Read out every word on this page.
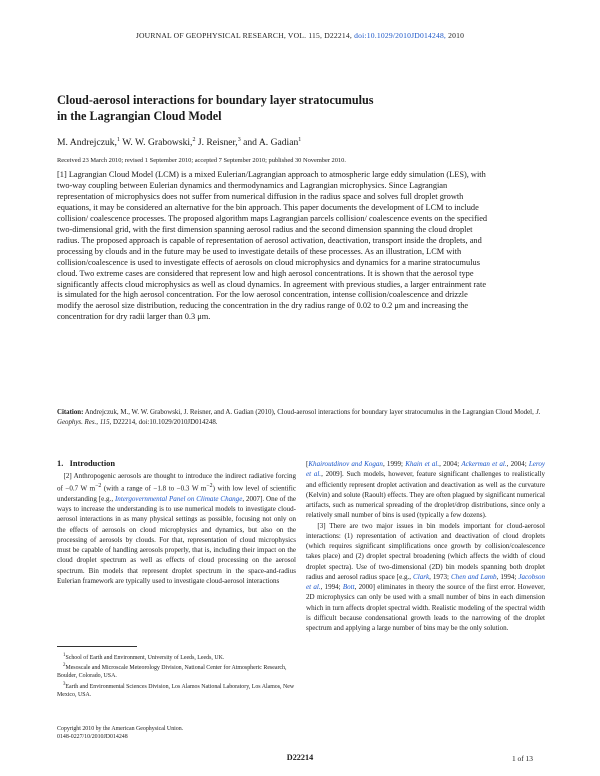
JOURNAL OF GEOPHYSICAL RESEARCH, VOL. 115, D22214, doi:10.1029/2010JD014248, 2010
Cloud-aerosol interactions for boundary layer stratocumulus
in the Lagrangian Cloud Model
M. Andrejczuk,$^1$ W. W. Grabowski,$^2$ J. Reisner,$^3$ and A. Gadian$^1$
Received 23 March 2010; revised 1 September 2010; accepted 7 September 2010; published 30 November 2010.
[1] Lagrangian Cloud Model (LCM) is a mixed Eulerian/Lagrangian approach to atmospheric large eddy simulation (LES), with two-way coupling between Eulerian dynamics and thermodynamics and Lagrangian microphysics. Since Lagrangian representation of microphysics does not suffer from numerical diffusion in the radius space and solves full droplet growth equations, it may be considered an alternative for the bin approach. This paper documents the development of LCM to include collision/ coalescence processes. The proposed algorithm maps Lagrangian parcels collision/ coalescence events on the specified two-dimensional grid, with the first dimension spanning aerosol radius and the second dimension spanning the cloud droplet radius. The proposed approach is capable of representation of aerosol activation, deactivation, transport inside the droplets, and processing by clouds and in the future may be used to investigate details of these processes. As an illustration, LCM with collision/coalescence is used to investigate effects of aerosols on cloud microphysics and dynamics for a marine stratocumulus cloud. Two extreme cases are considered that represent low and high aerosol concentrations. It is shown that the aerosol type significantly affects cloud microphysics as well as cloud dynamics. In agreement with previous studies, a larger entrainment rate is simulated for the high aerosol concentration. For the low aerosol concentration, intense collision/coalescence and drizzle modify the aerosol size distribution, reducing the concentration in the dry radius range of 0.02 to 0.2 μm and increasing the concentration for dry radii larger than 0.3 μm.
Citation: Andrejczuk, M., W. W. Grabowski, J. Reisner, and A. Gadian (2010), Cloud-aerosol interactions for boundary layer stratocumulus in the Lagrangian Cloud Model, J. Geophys. Res., 115, D22214, doi:10.1029/2010JD014248.
1. Introduction

[2] Anthropogenic aerosols are thought to introduce the indirect radiative forcing of −0.7 W $m^{-2}$ (with a range of −1.8 to −0.3 W $m^{-2}$) with low level of scientific understanding [e.g., Intergovernmental Panel on Climate Change, 2007]. One of the ways to increase the understanding is to use numerical models to investigate cloud-aerosol interactions in as many physical settings as possible, focusing not only on the effects of aerosols on cloud microphysics and dynamics, but also on the processing of aerosols by clouds. For that, representation of cloud microphysics must be capable of handling aerosols properly, that is, including their impact on the cloud droplet spectrum as well as effects of cloud processing on the aerosol spectrum. Bin models that represent droplet spectrum in the space-and-radius Eulerian framework are typically used to investigate cloud-aerosol interactions

[Khairoutdinov and Kogan, 1999; Khain et al., 2004; Ackerman et al., 2004; Leroy et al., 2009]. Such models, however, feature significant challenges to realistically and efficiently represent droplet activation and deactivation as well as the curvature (Kelvin) and solute (Raoult) effects. They are often plagued by significant numerical artifacts, such as numerical spreading of the droplet/drop distributions, since only a relatively small number of bins is used (typically a few dozens).

[3] There are two major issues in bin models important for cloud-aerosol interactions: (1) representation of activation and deactivation of cloud droplets (which requires significant simplifications once growth by collision/coalescence takes place) and (2) droplet spectral broadening (which affects the width of cloud droplet spectra). Use of two-dimensional (2D) bin models spanning both droplet radius and aerosol radius space [e.g., Clark, 1973; Chen and Lamb, 1994; Jacobson et al., 1994; Bott, 2000] eliminates in theory the source of the first error. However, 2D microphysics can only be used with a small number of bins in each dimension which in turn affects droplet spectral width. Realistic modeling of the spectral width is difficult because condensational growth leads to the narrowing of the droplet spectrum and applying a large number of bins may be the only solution.

$^1$School of Earth and Environment, University of Leeds, Leeds, UK.

$^2$Mesoscale and Microscale Meteorology Division, National Center for Atmospheric Research, Boulder, Colorado, USA.

$^3$Earth and Environmental Sciences Division, Los Alamos National Laboratory, Los Alamos, New Mexico, USA.

Copyright 2010 by the American Geophysical Union.
0148-0227/10/2010JD014248
D22214	1 of 13
